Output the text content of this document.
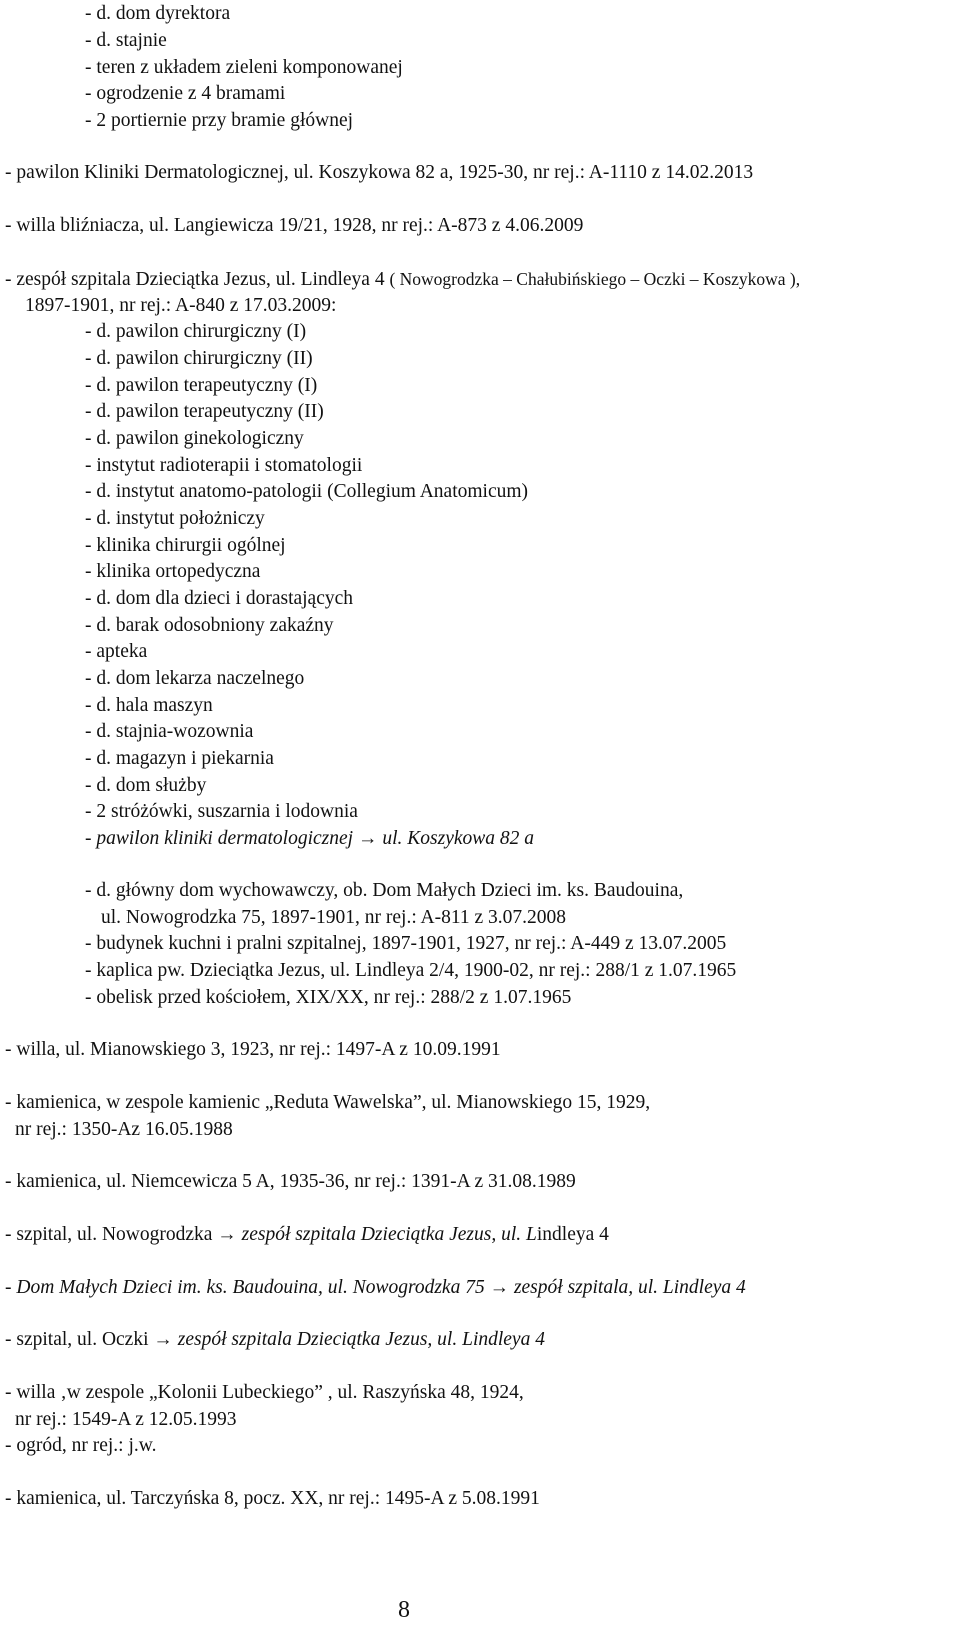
- d. dom dyrektora
- d. stajnie
- teren z układem zieleni komponowanej
- ogrodzenie z 4 bramami
- 2 portiernie przy bramie głównej
- pawilon Kliniki Dermatologicznej, ul. Koszykowa 82 a, 1925-30, nr rej.: A-1110 z 14.02.2013
- willa bliźniacza, ul. Langiewicza 19/21, 1928, nr rej.: A-873 z 4.06.2009
- zespół szpitala Dzieciątka Jezus, ul. Lindleya 4 ( Nowogrodzka – Chałubińskiego – Oczki – Koszykowa ),
1897-1901, nr rej.: A-840 z 17.03.2009:
- d. pawilon chirurgiczny (I)
- d. pawilon chirurgiczny (II)
- d. pawilon terapeutyczny (I)
- d. pawilon terapeutyczny (II)
- d. pawilon ginekologiczny
- instytut radioterapii i stomatologii
- d. instytut anatomo-patologii (Collegium Anatomicum)
- d. instytut położniczy
- klinika chirurgii ogólnej
- klinika ortopedyczna
- d. dom dla dzieci i dorastających
- d. barak odosobniony zakaźny
- apteka
- d. dom lekarza naczelnego
- d. hala maszyn
- d. stajnia-wozownia
- d. magazyn i piekarnia
- d. dom służby
- 2 stróżówki, suszarnia i lodownia
- pawilon kliniki dermatologicznej → ul. Koszykowa 82 a
- d. główny dom wychowawczy, ob. Dom Małych Dzieci im. ks. Baudouina,
ul. Nowogrodzka 75, 1897-1901, nr rej.: A-811 z 3.07.2008
- budynek kuchni i pralni szpitalnej, 1897-1901, 1927, nr rej.: A-449 z 13.07.2005
- kaplica pw. Dzieciątka Jezus, ul. Lindleya 2/4, 1900-02, nr rej.: 288/1 z 1.07.1965
- obelisk przed kościołem, XIX/XX, nr rej.: 288/2 z 1.07.1965
- willa, ul. Mianowskiego 3, 1923, nr rej.: 1497-A z 10.09.1991
- kamienica, w zespole kamienic „Reduta Wawelska”, ul. Mianowskiego 15, 1929,
nr rej.: 1350-Az 16.05.1988
- kamienica, ul. Niemcewicza 5 A, 1935-36, nr rej.: 1391-A z 31.08.1989
- szpital, ul. Nowogrodzka → zespół szpitala Dzieciątka Jezus, ul. Lindleya 4
- Dom Małych Dzieci im. ks. Baudouina, ul. Nowogrodzka 75 → zespół szpitala, ul. Lindleya 4
- szpital, ul. Oczki → zespół szpitala Dzieciątka Jezus, ul. Lindleya 4
- willa ‚w zespole „Kolonii Lubeckiego” , ul. Raszyńska 48, 1924,
nr rej.: 1549-A z 12.05.1993
- ogród, nr rej.: j.w.
- kamienica, ul. Tarczyńska 8, pocz. XX, nr rej.: 1495-A z 5.08.1991
8
